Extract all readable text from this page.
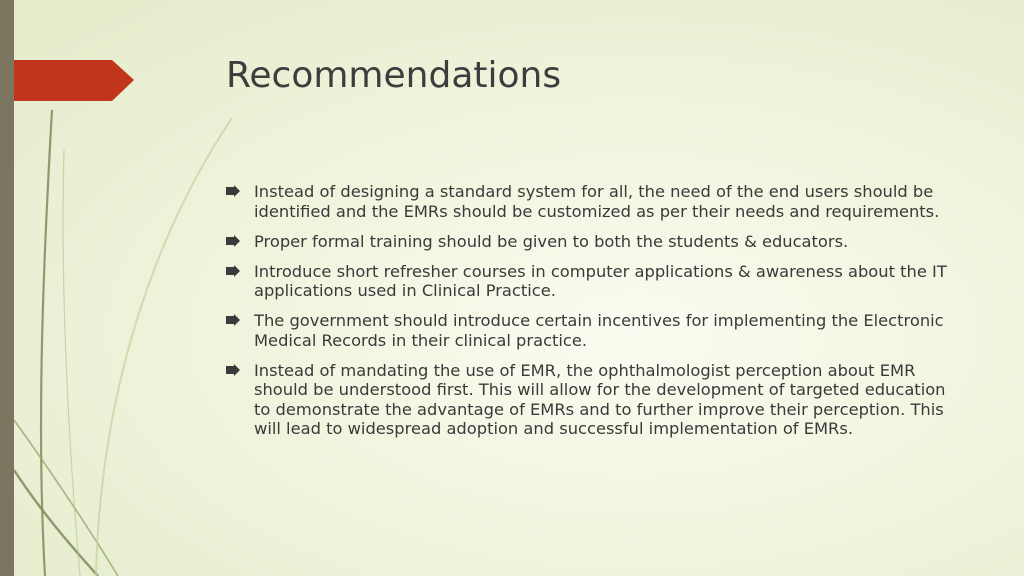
Recommendations
Instead of designing a standard system for all, the need of the end users should be identified and the EMRs should be customized as per their needs and requirements.
Proper formal training should be given to both the students & educators.
Introduce short refresher courses in computer applications & awareness about the IT applications used in Clinical Practice.
The government should introduce certain incentives for implementing the Electronic Medical Records in their clinical practice.
Instead of mandating the use of EMR, the ophthalmologist perception about EMR should be understood first. This will allow for the development of targeted education to demonstrate the advantage of EMRs and to further improve their perception. This will lead to widespread adoption and successful implementation of EMRs.
